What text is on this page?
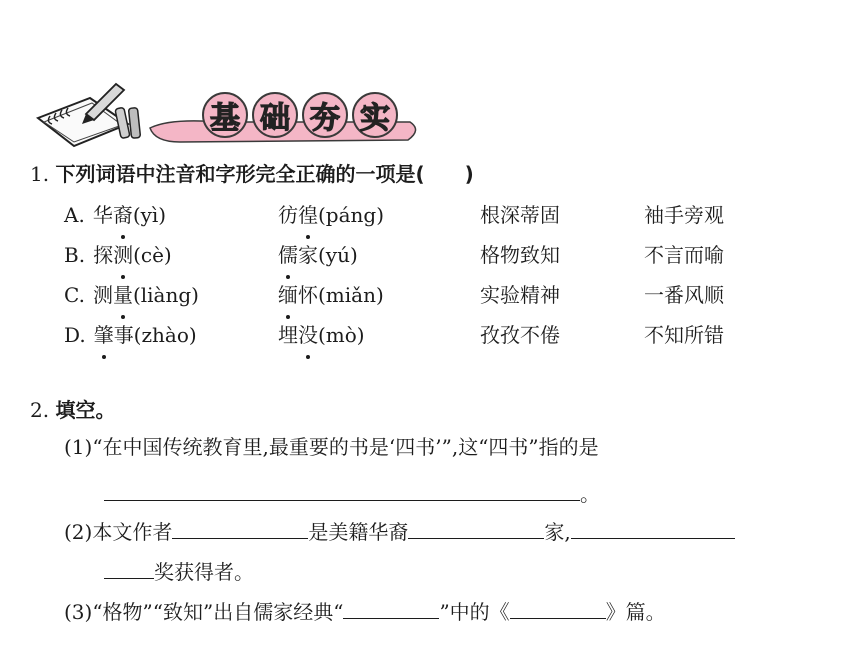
基 础 夯 实
1. 下列词语中注音和字形完全正确的一项是(　　)
A. 华裔(yì)	彷徨(páng)	根深蒂固	袖手旁观
B. 探测(cè)	儒家(yú)	格物致知	不言而喻
C. 测量(liàng)	缅怀(miǎn)	实验精神	一番风顺
D. 肇事(zhào)	埋没(mò)	孜孜不倦	不知所错
2. 填空。
(1)“在中国传统教育里,最重要的书是‘四书’”,这“四书”指的是
。
(2)本文作者	是美籍华裔	家,
奖获得者。
(3)“格物”“致知”出自儒家经典“	”中的《	》篇。
